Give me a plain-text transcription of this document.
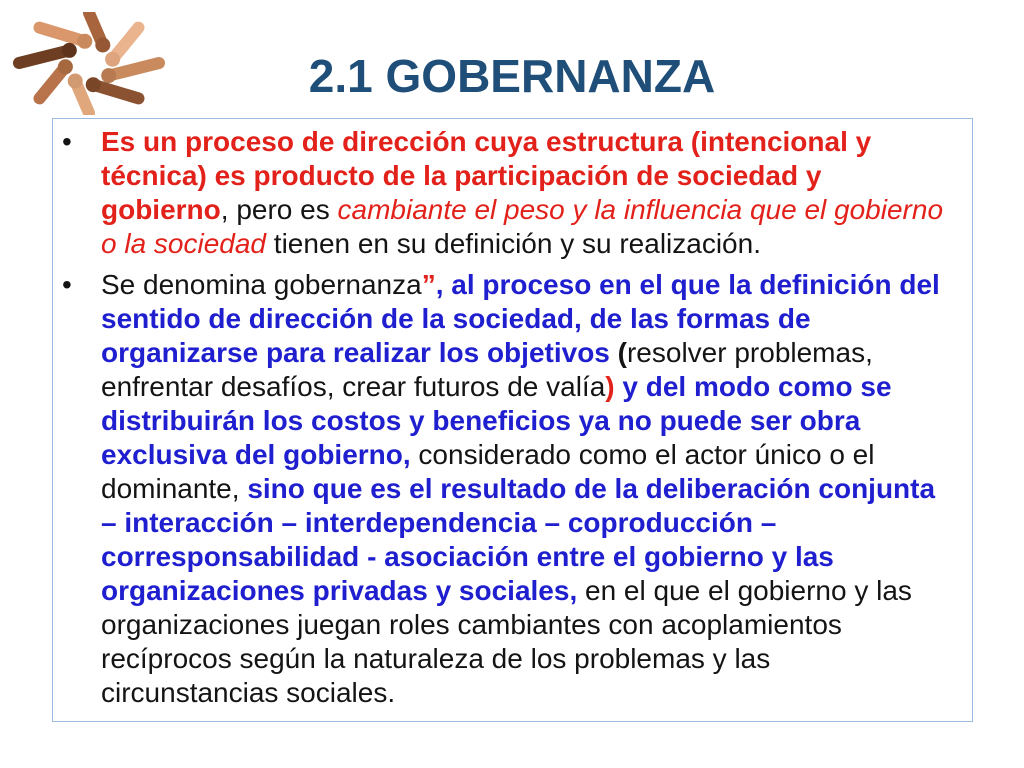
2.1 GOBERNANZA
•	Es un proceso de dirección cuya estructura (intencional y
técnica) es producto de la participación de sociedad y
gobierno, pero es cambiante el peso y la influencia que el gobierno
o la sociedad tienen en su definición y su realización.
•	Se denomina gobernanza”, al proceso en el que la definición del
sentido de dirección de la sociedad, de las formas de
organizarse para realizar los objetivos (resolver problemas,
enfrentar desafíos, crear futuros de valía) y del modo como se
distribuirán los costos y beneficios ya no puede ser obra
exclusiva del gobierno, considerado como el actor único o el
dominante, sino que es el resultado de la deliberación conjunta
– interacción – interdependencia – coproducción –
corresponsabilidad - asociación entre el gobierno y las
organizaciones privadas y sociales, en el que el gobierno y las
organizaciones juegan roles cambiantes con acoplamientos
recíprocos según la naturaleza de los problemas y las
circunstancias sociales.
